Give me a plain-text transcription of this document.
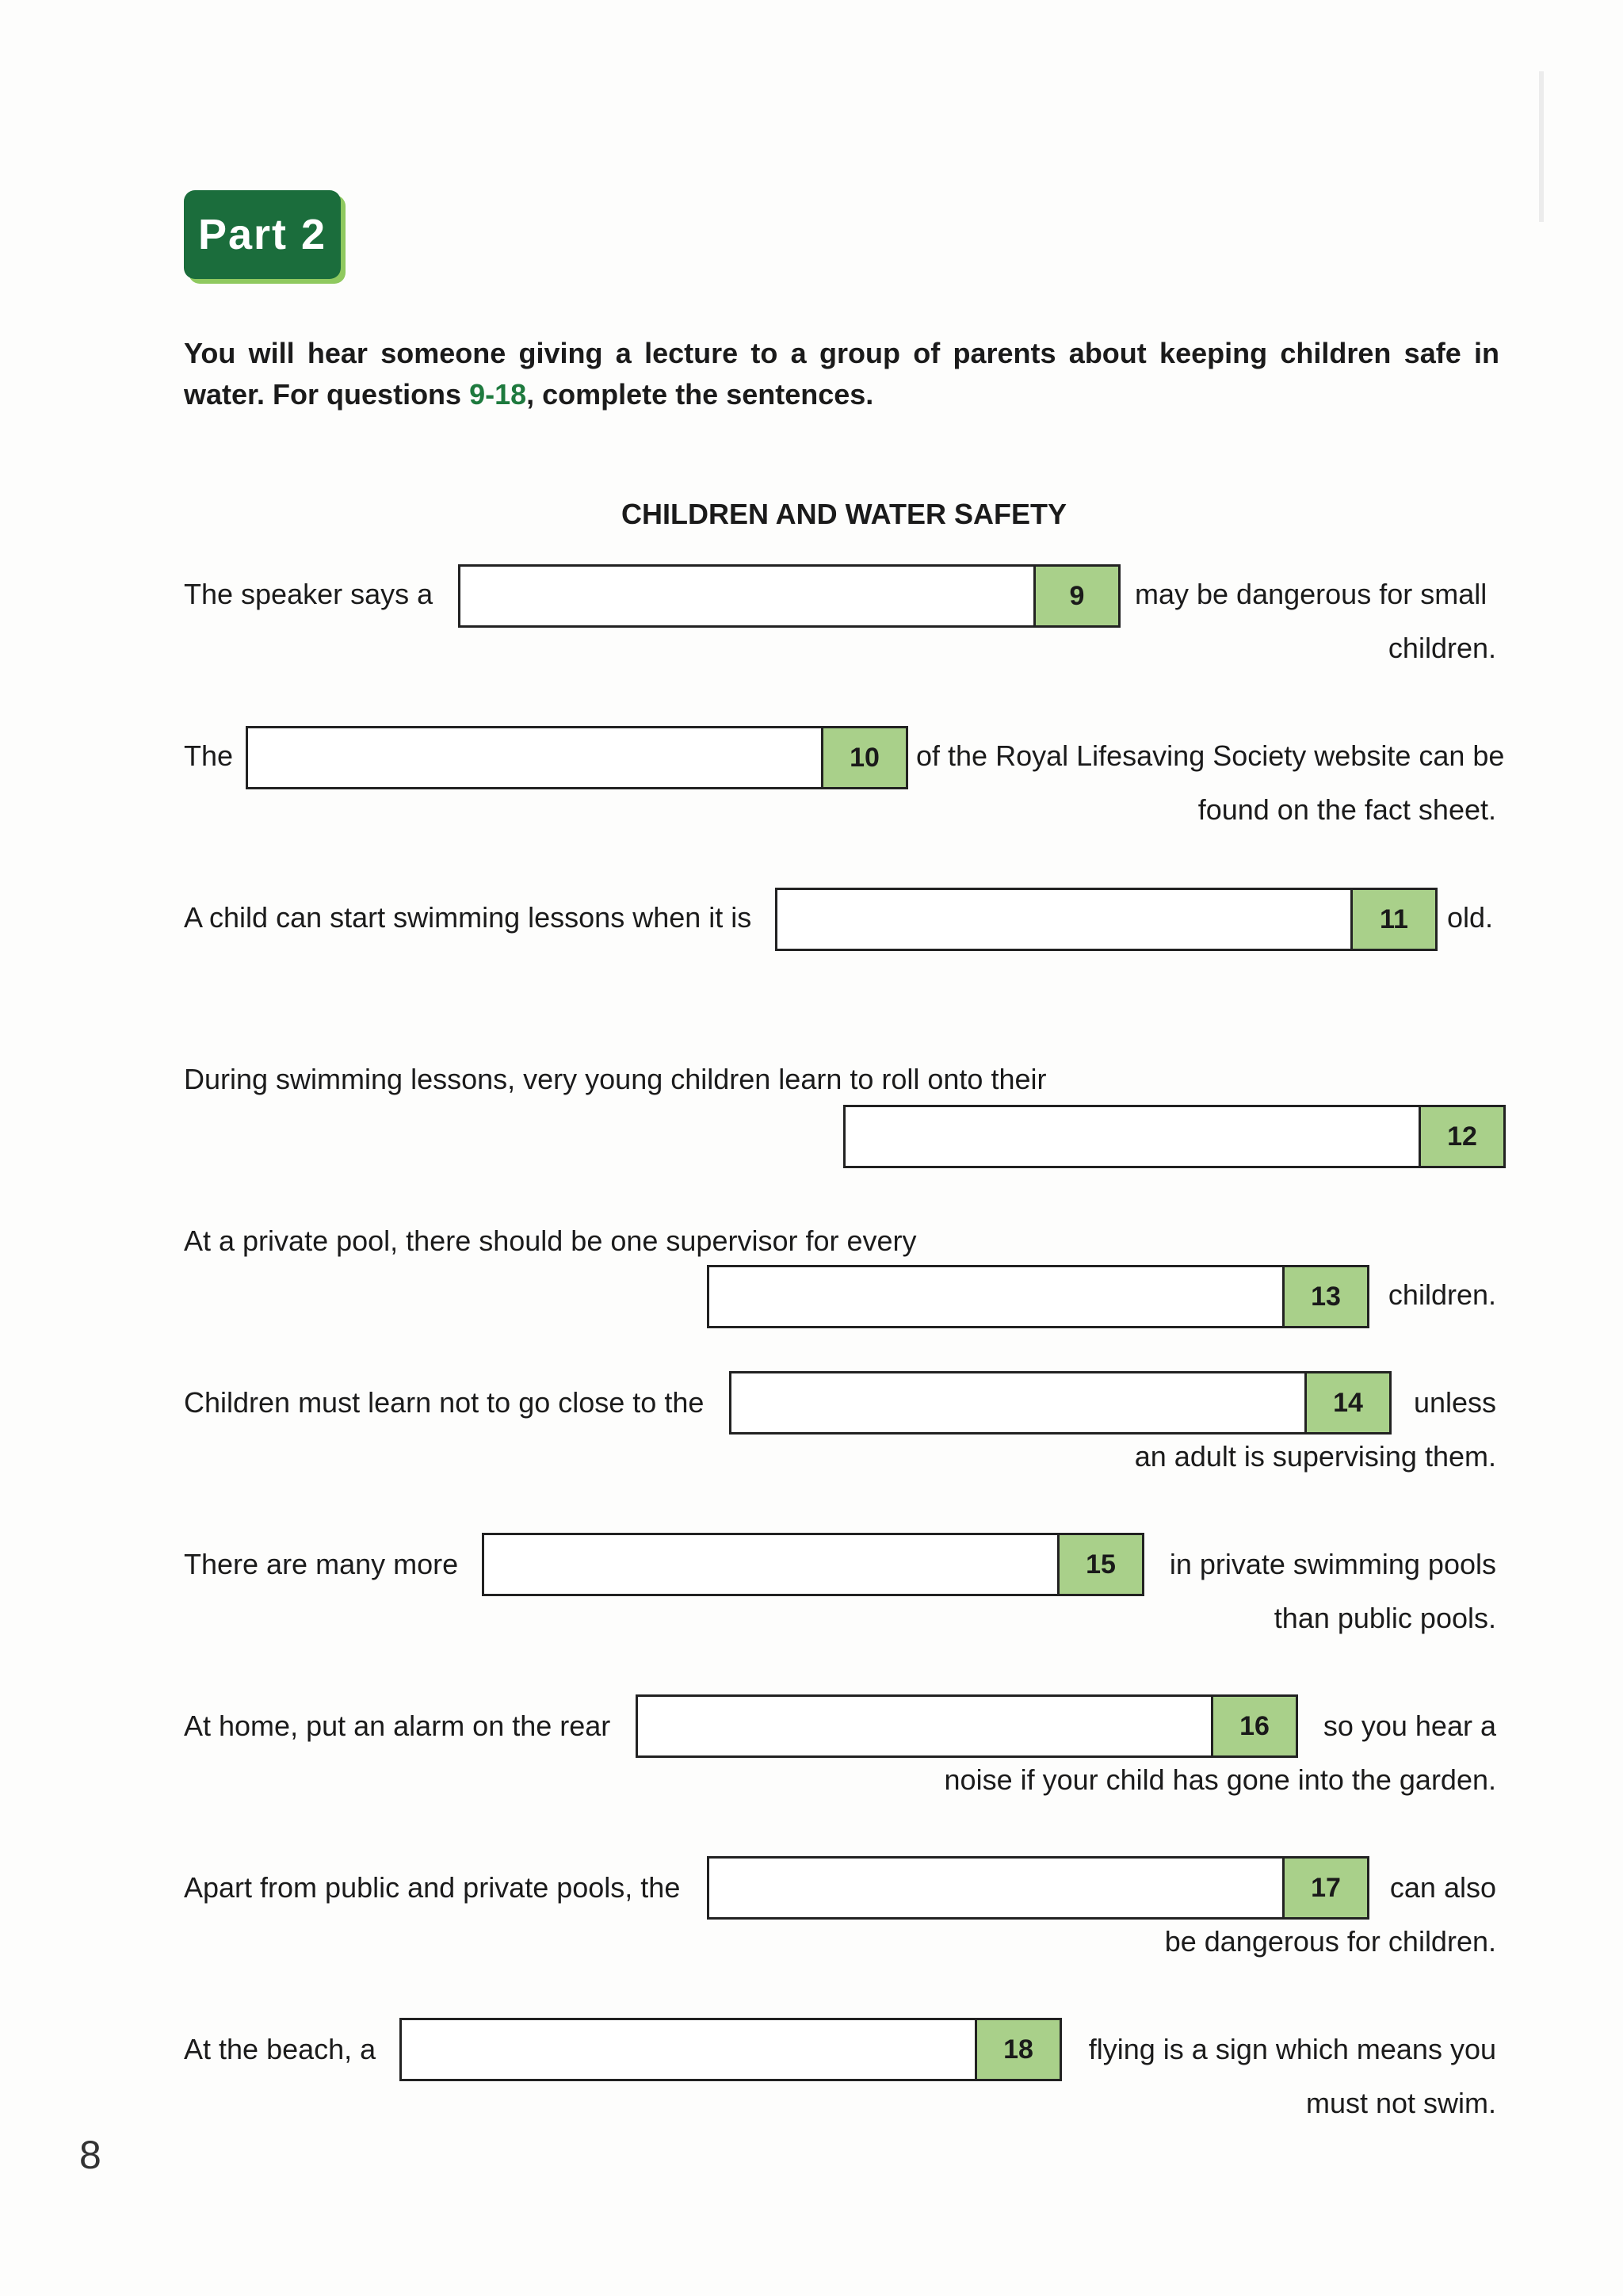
Part 2
You will hear someone giving a lecture to a group of parents about keeping children safe in water. For questions 9-18, complete the sentences.
CHILDREN AND WATER SAFETY
The speaker says a	9	may be dangerous for small
children.
The	10	of the Royal Lifesaving Society website can be
found on the fact sheet.
A child can start swimming lessons when it is	11	old.
During swimming lessons, very young children learn to roll onto their
12
At a private pool, there should be one supervisor for every
13	children.
Children must learn not to go close to the	14	unless
an adult is supervising them.
There are many more	15	in private swimming pools
than public pools.
At home, put an alarm on the rear	16	so you hear a
noise if your child has gone into the garden.
Apart from public and private pools, the	17	can also
be dangerous for children.
At the beach, a	18	flying is a sign which means you
must not swim.
8
